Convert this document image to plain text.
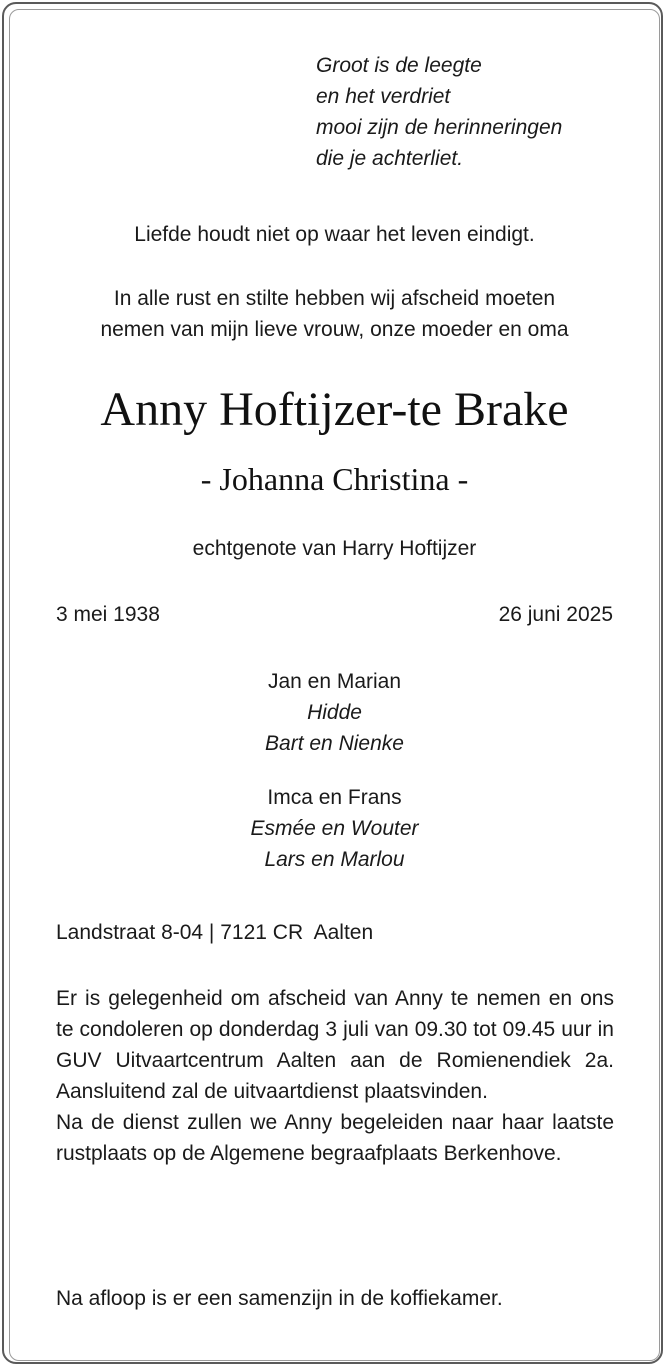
Groot is de leegte
en het verdriet
mooi zijn de herinneringen
die je achterliet.
Liefde houdt niet op waar het leven eindigt.
In alle rust en stilte hebben wij afscheid moeten
nemen van mijn lieve vrouw, onze moeder en oma
Anny Hoftijzer-te Brake
- Johanna Christina -
echtgenote van Harry Hoftijzer
3 mei 1938	26 juni 2025
Jan en Marian
Hidde
Bart en Nienke
Imca en Frans
Esmée en Wouter
Lars en Marlou
Landstraat 8-04 | 7121 CR  Aalten

Er is gelegenheid om afscheid van Anny te nemen en ons te condoleren op donderdag 3 juli van 09.30 tot 09.45 uur in GUV Uitvaartcentrum Aalten aan de Romienendiek 2a. Aansluitend zal de uitvaartdienst plaatsvinden.

Na de dienst zullen we Anny begeleiden naar haar laatste rustplaats op de Algemene begraafplaats Berkenhove.

Na afloop is er een samenzijn in de koffiekamer.
